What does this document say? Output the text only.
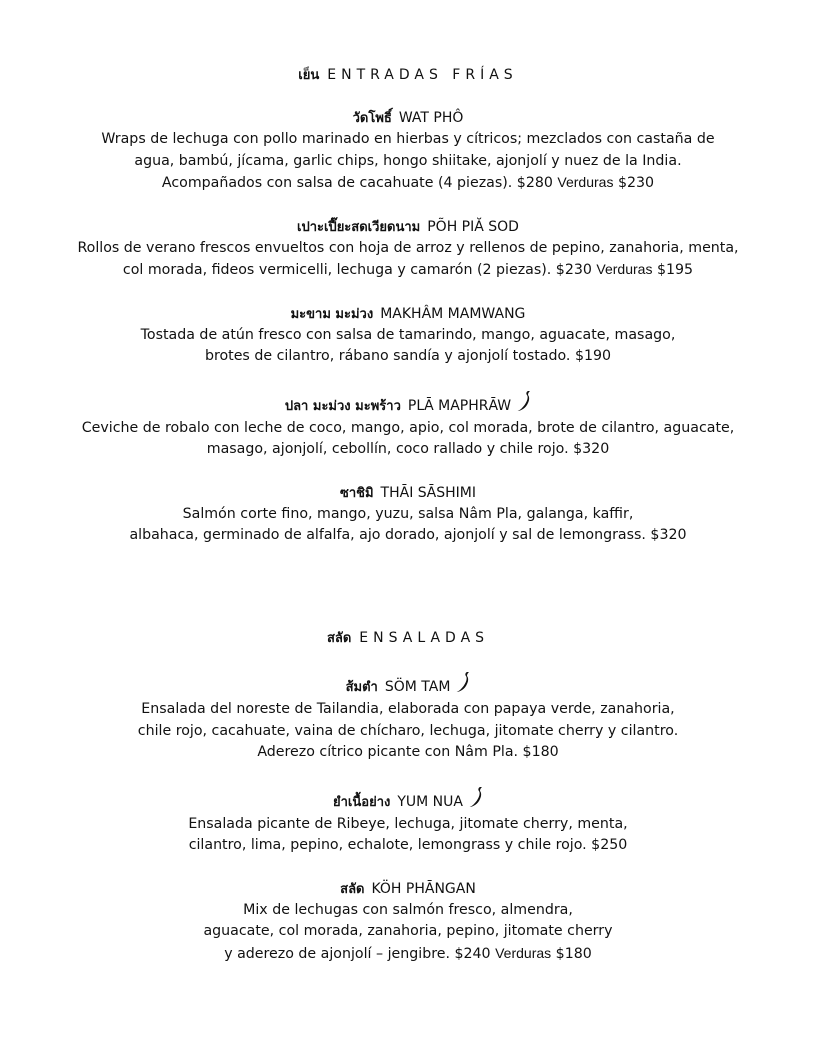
เย็น ENTRADAS FRÍAS

วัดโพธิ์ WAT PHÔ

Wraps de lechuga con pollo marinado en hierbas y cítricos; mezclados con castaña de

agua, bambú, jícama, garlic chips, hongo shiitake, ajonjolí y nuez de la India.

Acompañados con salsa de cacahuate (4 piezas). $280 Verduras $230

เปาะเปี๊ยะสดเวียดนาม PÕH PIĂ SOD

Rollos de verano frescos envueltos con hoja de arroz y rellenos de pepino, zanahoria, menta,

col morada, fideos vermicelli, lechuga y camarón (2 piezas). $230 Verduras $195

มะขาม มะม่วง MAKHÂM MAMWANG

Tostada de atún fresco con salsa de tamarindo, mango, aguacate, masago,

brotes de cilantro, rábano sandía y ajonjolí tostado. $190

ปลา มะม่วง มะพร้าว PLĀ MAPHRĀW

Ceviche de robalo con leche de coco, mango, apio, col morada, brote de cilantro, aguacate,

masago, ajonjolí, cebollín, coco rallado y chile rojo. $320

ซาชิมิ THĀI SĀSHIMI

Salmón corte fino, mango, yuzu, salsa Nâm Pla, galanga, kaffir,

albahaca, germinado de alfalfa, ajo dorado, ajonjolí y sal de lemongrass. $320

สลัด ENSALADAS

ส้มตำ SÖM TAM

Ensalada del noreste de Tailandia, elaborada con papaya verde, zanahoria,

chile rojo, cacahuate, vaina de chícharo, lechuga, jitomate cherry y cilantro.

Aderezo cítrico picante con Nâm Pla. $180

ยำเนื้อย่าง YUM NUA

Ensalada picante de Ribeye, lechuga, jitomate cherry, menta,

cilantro, lima, pepino, echalote, lemongrass y chile rojo. $250

สลัด KÖH PHĀNGAN

Mix de lechugas con salmón fresco, almendra,

aguacate, col morada, zanahoria, pepino, jitomate cherry

y aderezo de ajonjolí – jengibre. $240 Verduras $180
